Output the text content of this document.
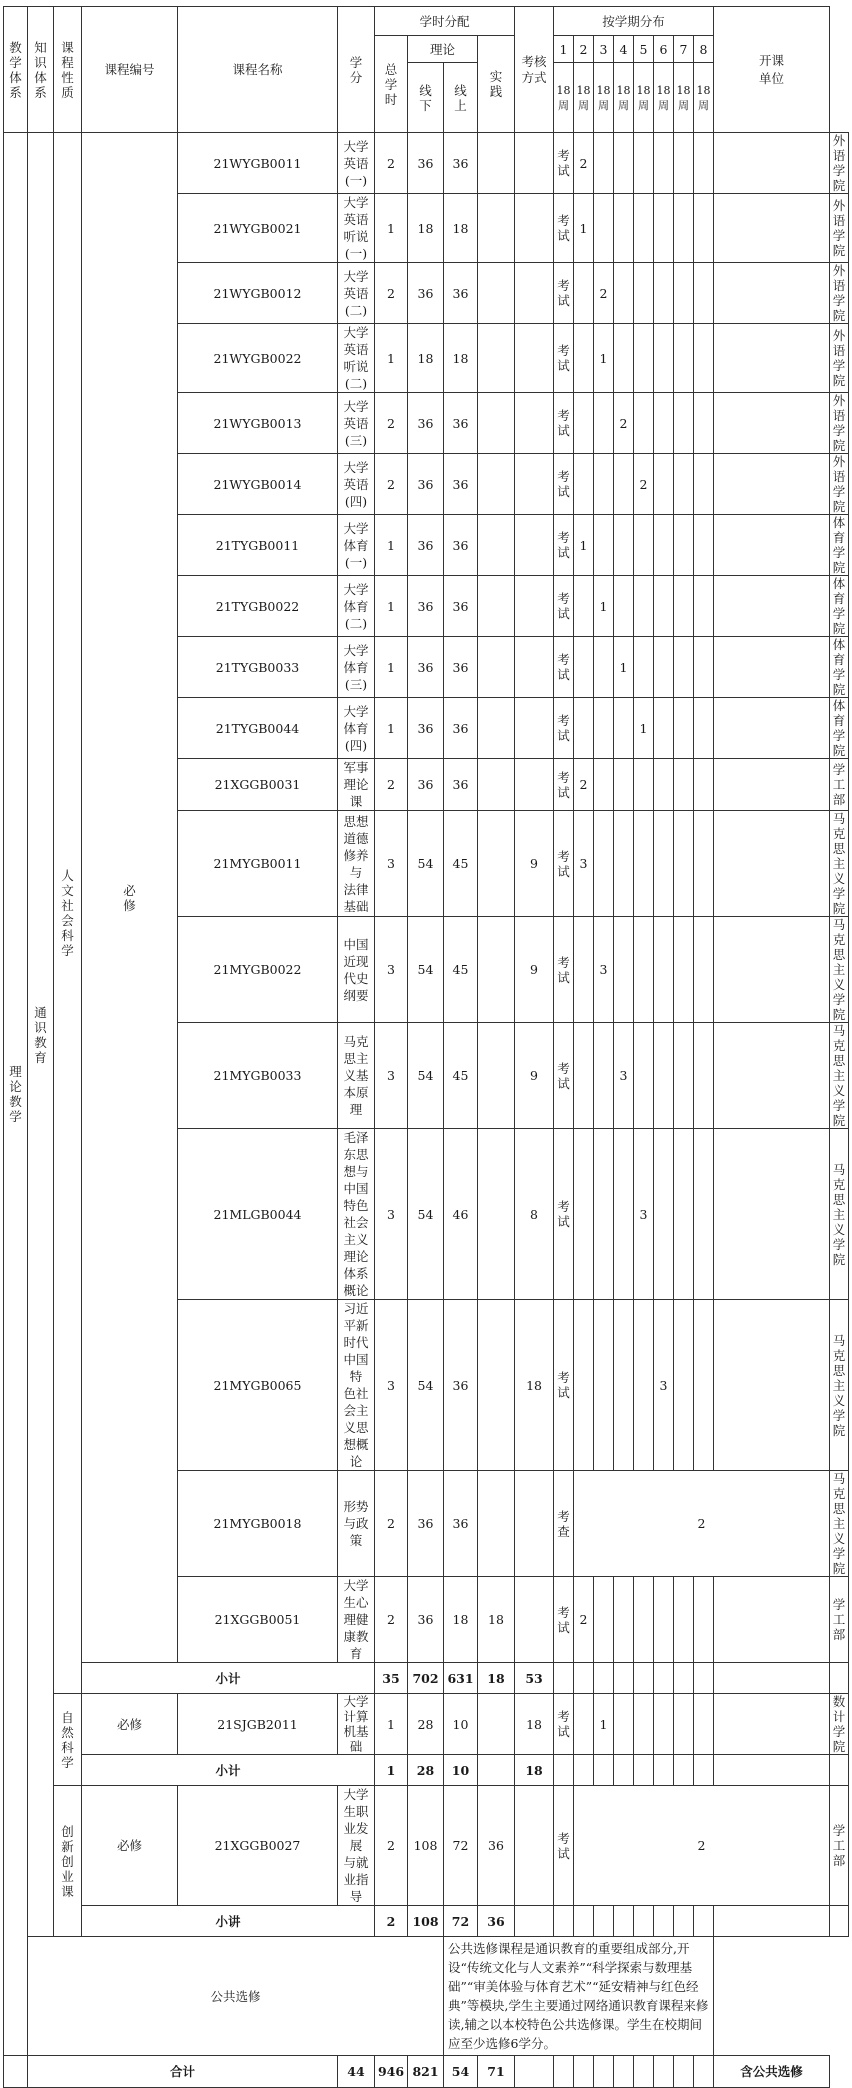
教学体系	知识体系	课程性质	课程编号	课程名称	学分	学时分配				考核方式	按学期分布								开课单位	
						总学时	理论		实践		1	2	3	4	5	6	7	8		
							线下	线上			18周	18周	18周	18周	18周	18周	18周	18周		

理论教学	通识教育	人文社会科学	必修	21WYGB0011	大学英语(一)	2	36	36			考试	2								外语学院
				21WYGB0021	大学英语听说(一)	1	18	18			考试	1								外语学院
				21WYGB0012	大学英语(二)	2	36	36			考试		2							外语学院
				21WYGB0022	大学英语听说(二)	1	18	18			考试		1							外语学院
				21WYGB0013	大学英语(三)	2	36	36			考试			2						外语学院
				21WYGB0014	大学英语(四)	2	36	36			考试				2					外语学院
				21TYGB0011	大学体育(一)	1	36	36			考试	1								体育学院
				21TYGB0022	大学体育(二)	1	36	36			考试		1							体育学院
				21TYGB0033	大学体育(三)	1	36	36			考试			1						体育学院
				21TYGB0044	大学体育(四)	1	36	36			考试				1					体育学院
				21XGGB0031	军事理论课	2	36	36			考试	2								学工部
				21MYGB0011	思想道德修养与
法律基础	3	54	45		9	考试	3								马克思主义学院
				21MYGB0022	中国近现代史纲要	3	54	45		9	考试		3							马克思主义学院
				21MYGB0033	马克思主义基本原理	3	54	45		9	考试			3						马克思主义学院
				21MLGB0044	毛泽东思想与中国特色
社会主义理论体系概论	3	54	46		8	考试				3					马克思主义学院
				21MYGB0065	习近平新时代中国特
色社会主义思想概论	3	54	36		18	考试					3				马克思主义学院
				21MYGB0018	形势与政策	2	36	36			考查	2								马克思主义学院
				21XGGB0051	大学生心理健康教育	2	36	18	18		考试	2								学工部
			小计			35	702	631	18	53										
		自然科学	必修	21SJGB2011	大学计算机基础	1	28	10		18	考试		1							数计学院
			小计			1	28	10		18										
		创新创业课	必修	21XGGB0027	大学生职业发展
与就业指导	2	108	72	36		考试	2								学工部
			小讲			2	108	72	36											
	公共选修							公共选修课程是通识教育的重要组成部分,开设“传统文化与人文素养”“科学探索与数理基础”“审美体验与体育艺术”“延安精神与红色经典”等模块,学生主要通过网络通识教育课程来修读,辅之以本校特色公共选修课。学生在校期间应至少选修6学分。												
	合计				44	946	821	54	71										含公共选修	
